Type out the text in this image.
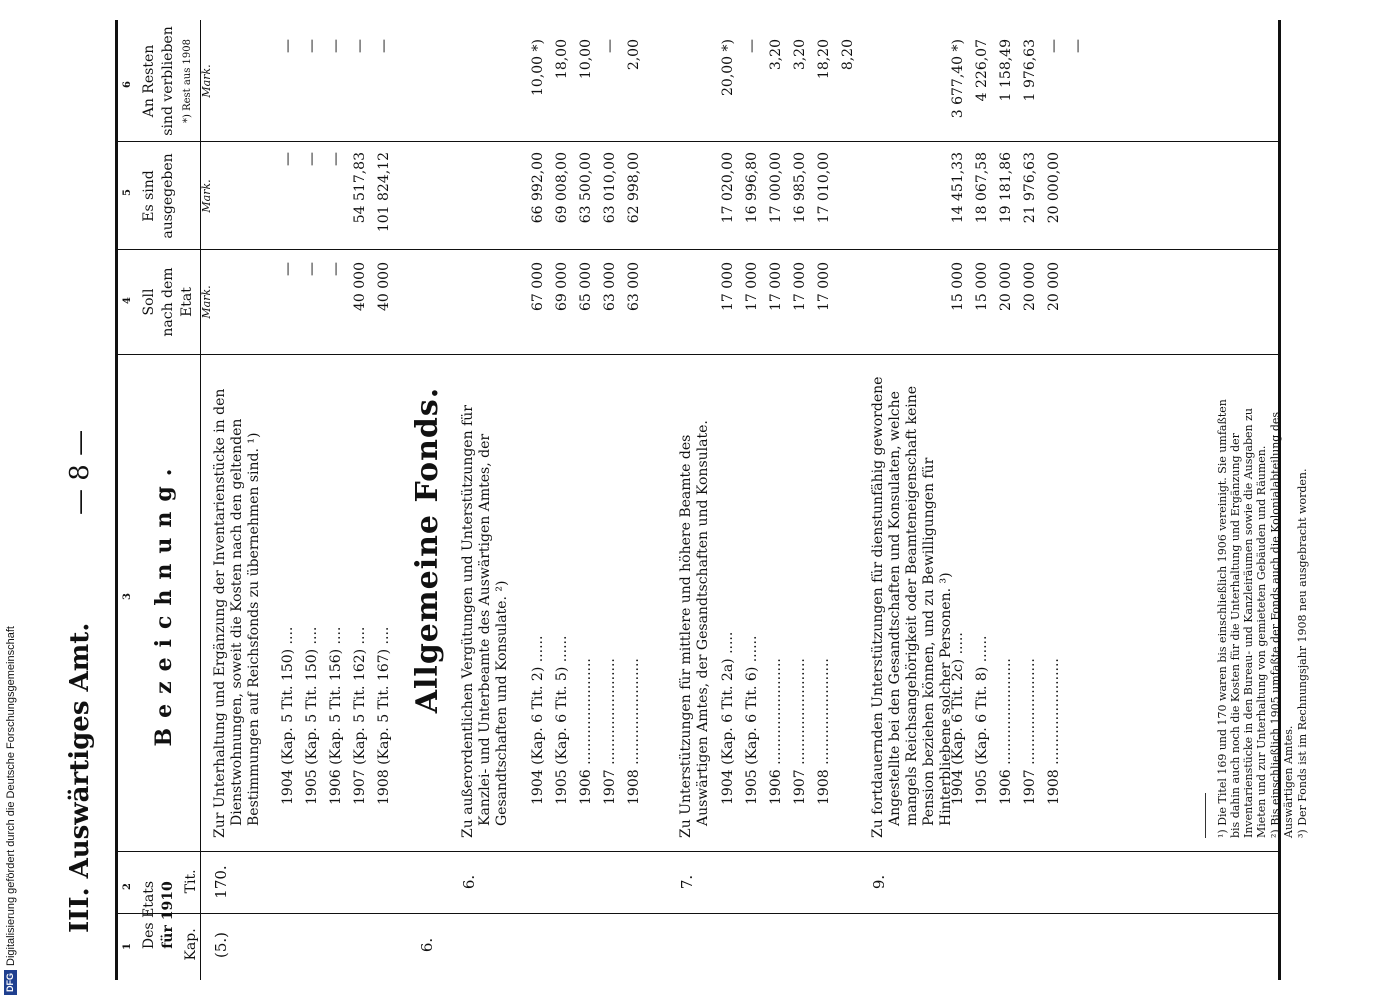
DFG
Digitalisierung gefördert durch die Deutsche Forschungsgemeinschaft III. Auswärtiges Amt.
— 8 —
1
2
3
4
5
6
Des Etats für 1910 Kap.
Tit.
Bezeichnung.
Soll nach dem Etat Mark.
Es sind ausgegeben Mark.
An Resten sind verblieben *) Rest aus 1908 Mark.
(5.)
170.
Zur Unterhaltung und Ergänzung der Inventarienstücke in den Dienstwohnungen, soweit die Kosten nach den geltenden Bestimmungen auf Reichsfonds zu übernehmen sind. ¹) 1904 (Kap. 5 Tit. 150) ....
—
—
—
1905 (Kap. 5 Tit. 150) ....
—
—
—
1906 (Kap. 5 Tit. 156) ....
—
—
—
1907 (Kap. 5 Tit. 162) ....
40 000
54 517,83
—
1908 (Kap. 5 Tit. 167) ....
40 000
101 824,12
—
Allgemeine Fonds.
6.
6.
Zu außerordentlichen Vergütungen und Unterstützungen für Kanzlei- und Unterbeamte des Auswärtigen Amtes, der Gesandtschaften und Konsulate. ²) 1904 (Kap. 6 Tit. 2) ......
67 000
66 992,00
10,00 *)
1905 (Kap. 6 Tit. 5) ......
69 000
69 008,00
18,00
1906 ........................
65 000
63 500,00
10,00
1907 ........................
63 000
63 010,00
—
1908 ........................
63 000
62 998,00
2,00
7.
Zu Unterstützungen für mittlere und höhere Beamte des Auswärtigen Amtes, der Gesandtschaften und Konsulate. 1904 (Kap. 6 Tit. 2a) .....
17 000
17 020,00
20,00 *)
1905 (Kap. 6 Tit. 6) ......
17 000
16 996,80
—
1906 ........................
17 000
17 000,00
3,20
1907 ........................
17 000
16 985,00
3,20
1908 ........................
17 000
17 010,00
18,20 8,20
9.
Zu fortdauernden Unterstützungen für dienstunfähig gewordene Angestellte bei den Gesandtschaften und Konsulaten, welche mangels Reichsangehörigkeit oder Beamteneigenschaft keine Pension beziehen können, und zu Bewilligungen für Hinterbliebene solcher Personen. ³)
1904 (Kap. 6 Tit. 2c) .....
15 000
14 451,33
3 677,40 *)
1905 (Kap. 6 Tit. 8) ......
15 000
18 067,58
4 226,07
1906 ........................
20 000
19 181,86
1 158,49
1907 ........................
20 000
21 976,63
1 976,63
1908 ........................
20 000
20 000,00
— —

¹) Die Titel 169 und 170 waren bis einschließlich 1906 vereinigt. Sie umfaßten bis dahin auch noch die Kosten für die Unterhaltung und Ergänzung der Inventarienstücke in den Bureau- und Kanzleiräumen sowie die Ausgaben zu Mieten und zur Unterhaltung von gemieteten Gebäuden und Räumen. ²) Bis einschließlich 1905 umfaßte der Fonds auch die Kolonialabteilung des Auswärtigen Amtes. ³) Der Fonds ist im Rechnungsjahr 1908 neu ausgebracht worden.
